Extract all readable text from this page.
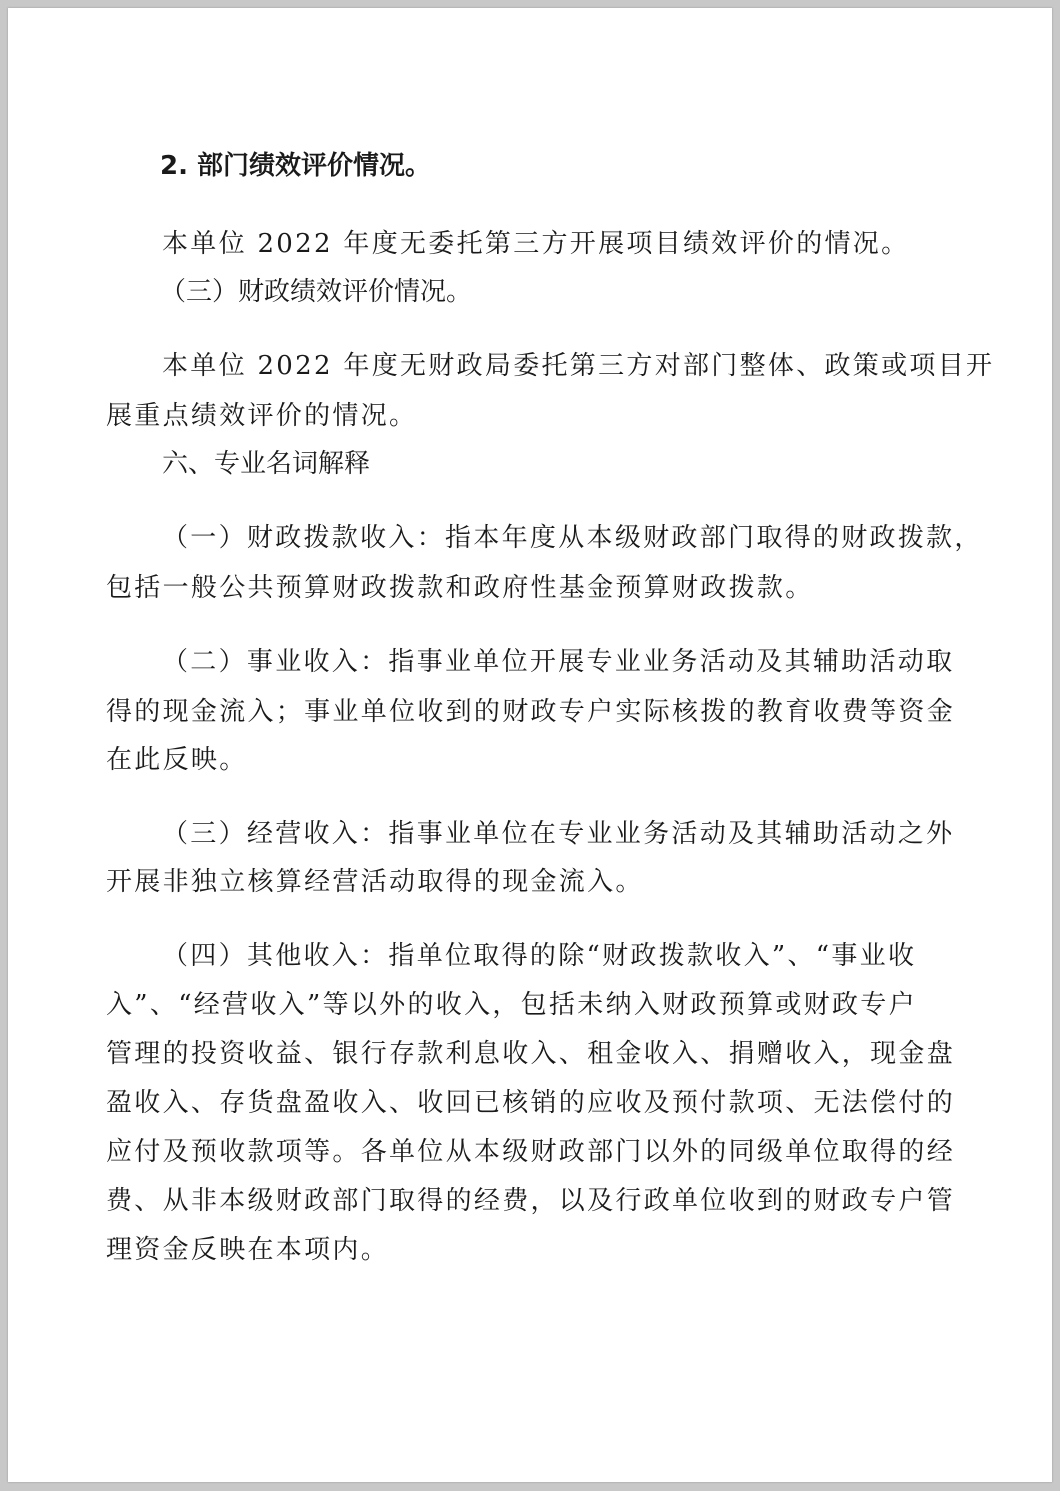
2. 部门绩效评价情况。
本单位 2022 年度无委托第三方开展项目绩效评价的情况。
（三）财政绩效评价情况。
本单位 2022 年度无财政局委托第三方对部门整体、政策或项目开
展重点绩效评价的情况。
六、专业名词解释
（一）财政拨款收入：指本年度从本级财政部门取得的财政拨款，
包括一般公共预算财政拨款和政府性基金预算财政拨款。
（二）事业收入：指事业单位开展专业业务活动及其辅助活动取
得的现金流入；事业单位收到的财政专户实际核拨的教育收费等资金
在此反映。
（三）经营收入：指事业单位在专业业务活动及其辅助活动之外
开展非独立核算经营活动取得的现金流入。
（四）其他收入：指单位取得的除“财政拨款收入”、“事业收
入”、“经营收入”等以外的收入，包括未纳入财政预算或财政专户
管理的投资收益、银行存款利息收入、租金收入、捐赠收入，现金盘
盈收入、存货盘盈收入、收回已核销的应收及预付款项、无法偿付的
应付及预收款项等。各单位从本级财政部门以外的同级单位取得的经
费、从非本级财政部门取得的经费，以及行政单位收到的财政专户管
理资金反映在本项内。
